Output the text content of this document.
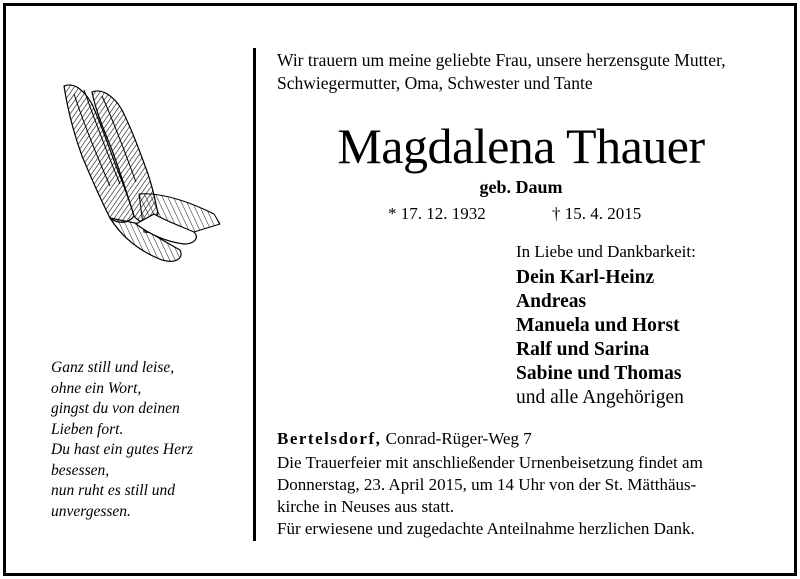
Ganz still und leise,
ohne ein Wort,
gingst du von deinen
Lieben fort.
Du hast ein gutes Herz
besessen,
nun ruht es still und
unvergessen.
Wir trauern um meine geliebte Frau, unsere herzensgute Mutter,
Schwiegermutter, Oma, Schwester und Tante
Magdalena Thauer
geb. Daum
* 17. 12. 1932	† 15. 4. 2015
In Liebe und Dankbarkeit:
Dein Karl-Heinz
Andreas
Manuela und Horst
Ralf und Sarina
Sabine und Thomas
und alle Angehörigen
Bertelsdorf, Conrad-Rüger-Weg 7
Die Trauerfeier mit anschließender Urnenbeisetzung findet am
Donnerstag, 23. April 2015, um 14 Uhr von der St. Mätthäus-
kirche in Neuses aus statt.
Für erwiesene und zugedachte Anteilnahme herzlichen Dank.
